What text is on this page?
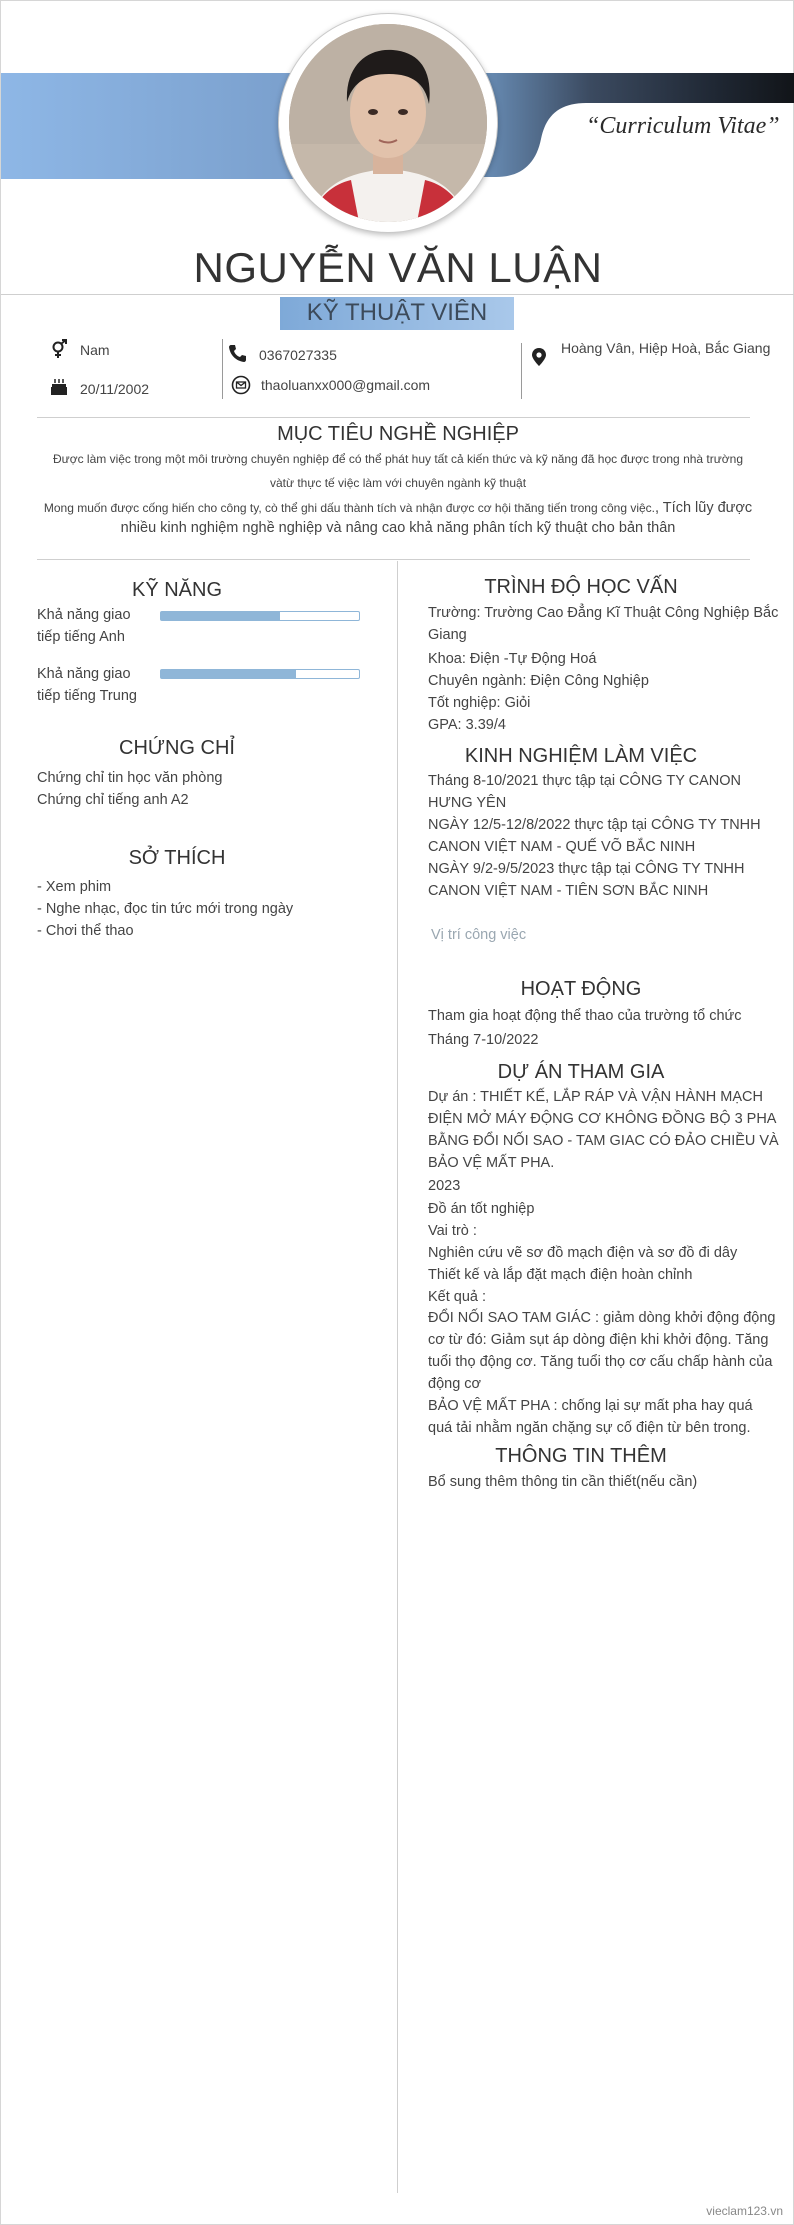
“Curriculum Vitae”
NGUYỄN VĂN LUẬN
KỸ THUẬT VIÊN
Nam
20/11/2002
0367027335
thaoluanxx000@gmail.com
Hoàng Vân, Hiệp Hoà, Bắc Giang
MỤC TIÊU NGHỀ NGHIỆP
Được làm việc trong một môi trường chuyên nghiệp để có thể phát huy tất cả kiến thức và kỹ năng đã học được trong nhà trường
vàtừ thực tế việc làm với chuyên ngành kỹ thuật
Mong muốn được cống hiến cho công ty, cò thể ghi dấu thành tích và nhận được cơ hội thăng tiến trong công việc., Tích lũy được
nhiều kinh nghiệm nghề nghiệp và nâng cao khả năng phân tích kỹ thuật cho bản thân
KỸ NĂNG
Khả năng giao
tiếp tiếng Anh
Khả năng giao
tiếp tiếng Trung
CHỨNG CHỈ
Chứng chỉ tin học văn phòng
Chứng chỉ tiếng anh A2
SỞ THÍCH
- Xem phim
- Nghe nhạc, đọc tin tức mới trong ngày
- Chơi thể thao
TRÌNH ĐỘ HỌC VẤN
Trường: Trường Cao Đẳng Kĩ Thuật Công Nghiệp Bắc
Giang
Khoa: Điện -Tự Động Hoá
Chuyên ngành: Điện Công Nghiệp
Tốt nghiệp: Giỏi
GPA: 3.39/4
KINH NGHIỆM LÀM VIỆC
Tháng 8-10/2021 thực tập tại CÔNG TY CANON
HƯNG YÊN
NGÀY 12/5-12/8/2022 thực tập tại CÔNG TY TNHH
CANON VIỆT NAM - QUẾ VÕ BẮC NINH
NGÀY 9/2-9/5/2023 thực tập tại CÔNG TY TNHH
CANON VIỆT NAM - TIÊN SƠN BẮC NINH
Vị trí công việc
HOẠT ĐỘNG
Tham gia hoạt động thể thao của trường tổ chức
Tháng 7-10/2022
DỰ ÁN THAM GIA
Dự án : THIẾT KẾ, LẮP RÁP VÀ VẬN HÀNH MẠCH
ĐIỆN MỞ MÁY ĐỘNG CƠ KHÔNG ĐỒNG BỘ 3 PHA
BẰNG ĐỔI NỐI SAO - TAM GIAC CÓ ĐẢO CHIỀU VÀ
BẢO VỆ MẤT PHA.
2023
Đồ án tốt nghiệp
Vai trò :
Nghiên cứu vẽ sơ đồ mạch điện và sơ đồ đi dây
Thiết kế và lắp đặt mạch điện hoàn chỉnh
Kết quả :
ĐỔI NỐI SAO TAM GIÁC : giảm dòng khởi động động
cơ từ đó: Giảm sụt áp dòng điện khi khởi động. Tăng
tuổi thọ động cơ. Tăng tuổi thọ cơ cấu chấp hành của
động cơ
BẢO VỆ MẤT PHA : chống lại sự mất pha hay quá
quá tải nhằm ngăn chặng sự cố điện từ bên trong.
THÔNG TIN THÊM
Bổ sung thêm thông tin cần thiết(nếu cần)
vieclam123.vn
